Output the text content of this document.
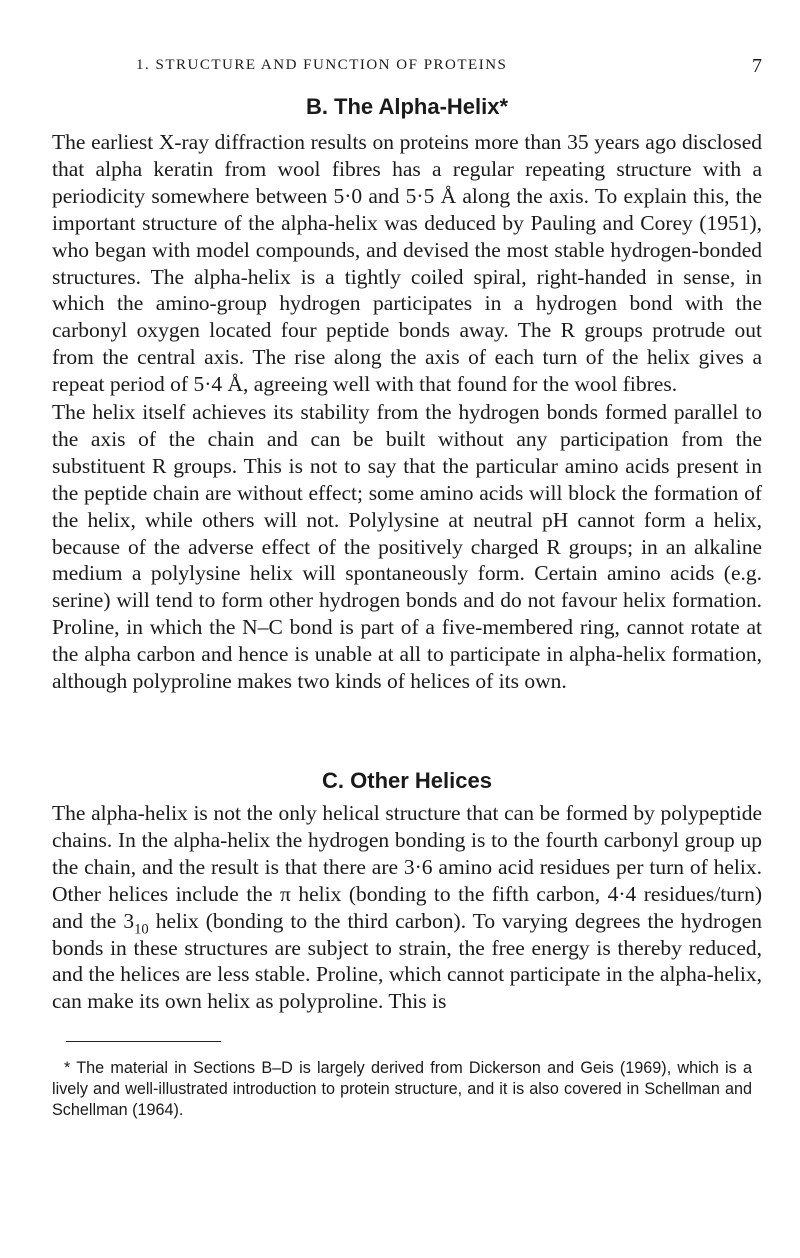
1. STRUCTURE AND FUNCTION OF PROTEINS	7
B. The Alpha-Helix*

The earliest X-ray diffraction results on proteins more than 35 years ago disclosed that alpha keratin from wool fibres has a regular repeating structure with a periodicity somewhere between 5·0 and 5·5 Å along the axis. To explain this, the important structure of the alpha-helix was deduced by Pauling and Corey (1951), who began with model compounds, and devised the most stable hydrogen-bonded structures. The alpha-helix is a tightly coiled spiral, right-handed in sense, in which the amino-group hydrogen participates in a hydrogen bond with the carbonyl oxygen located four peptide bonds away. The R groups protrude out from the central axis. The rise along the axis of each turn of the helix gives a repeat period of 5·4 Å, agreeing well with that found for the wool fibres.

The helix itself achieves its stability from the hydrogen bonds formed parallel to the axis of the chain and can be built without any participation from the substituent R groups. This is not to say that the particular amino acids present in the peptide chain are without effect; some amino acids will block the formation of the helix, while others will not. Polylysine at neutral pH cannot form a helix, because of the adverse effect of the positively charged R groups; in an alkaline medium a polylysine helix will spontaneously form. Certain amino acids (e.g. serine) will tend to form other hydrogen bonds and do not favour helix formation. Proline, in which the N–C bond is part of a five-membered ring, cannot rotate at the alpha carbon and hence is unable at all to participate in alpha-helix formation, although polyproline makes two kinds of helices of its own.

C. Other Helices

The alpha-helix is not the only helical structure that can be formed by polypeptide chains. In the alpha-helix the hydrogen bonding is to the fourth carbonyl group up the chain, and the result is that there are 3·6 amino acid residues per turn of helix. Other helices include the π helix (bonding to the fifth carbon, 4·4 residues/turn) and the $3_{10}$ helix (bonding to the third carbon). To varying degrees the hydrogen bonds in these structures are subject to strain, the free energy is thereby reduced, and the helices are less stable. Proline, which cannot participate in the alpha-helix, can make its own helix as polyproline. This is

* The material in Sections B–D is largely derived from Dickerson and Geis (1969), which is a lively and well-illustrated introduction to protein structure, and it is also covered in Schellman and Schellman (1964).
